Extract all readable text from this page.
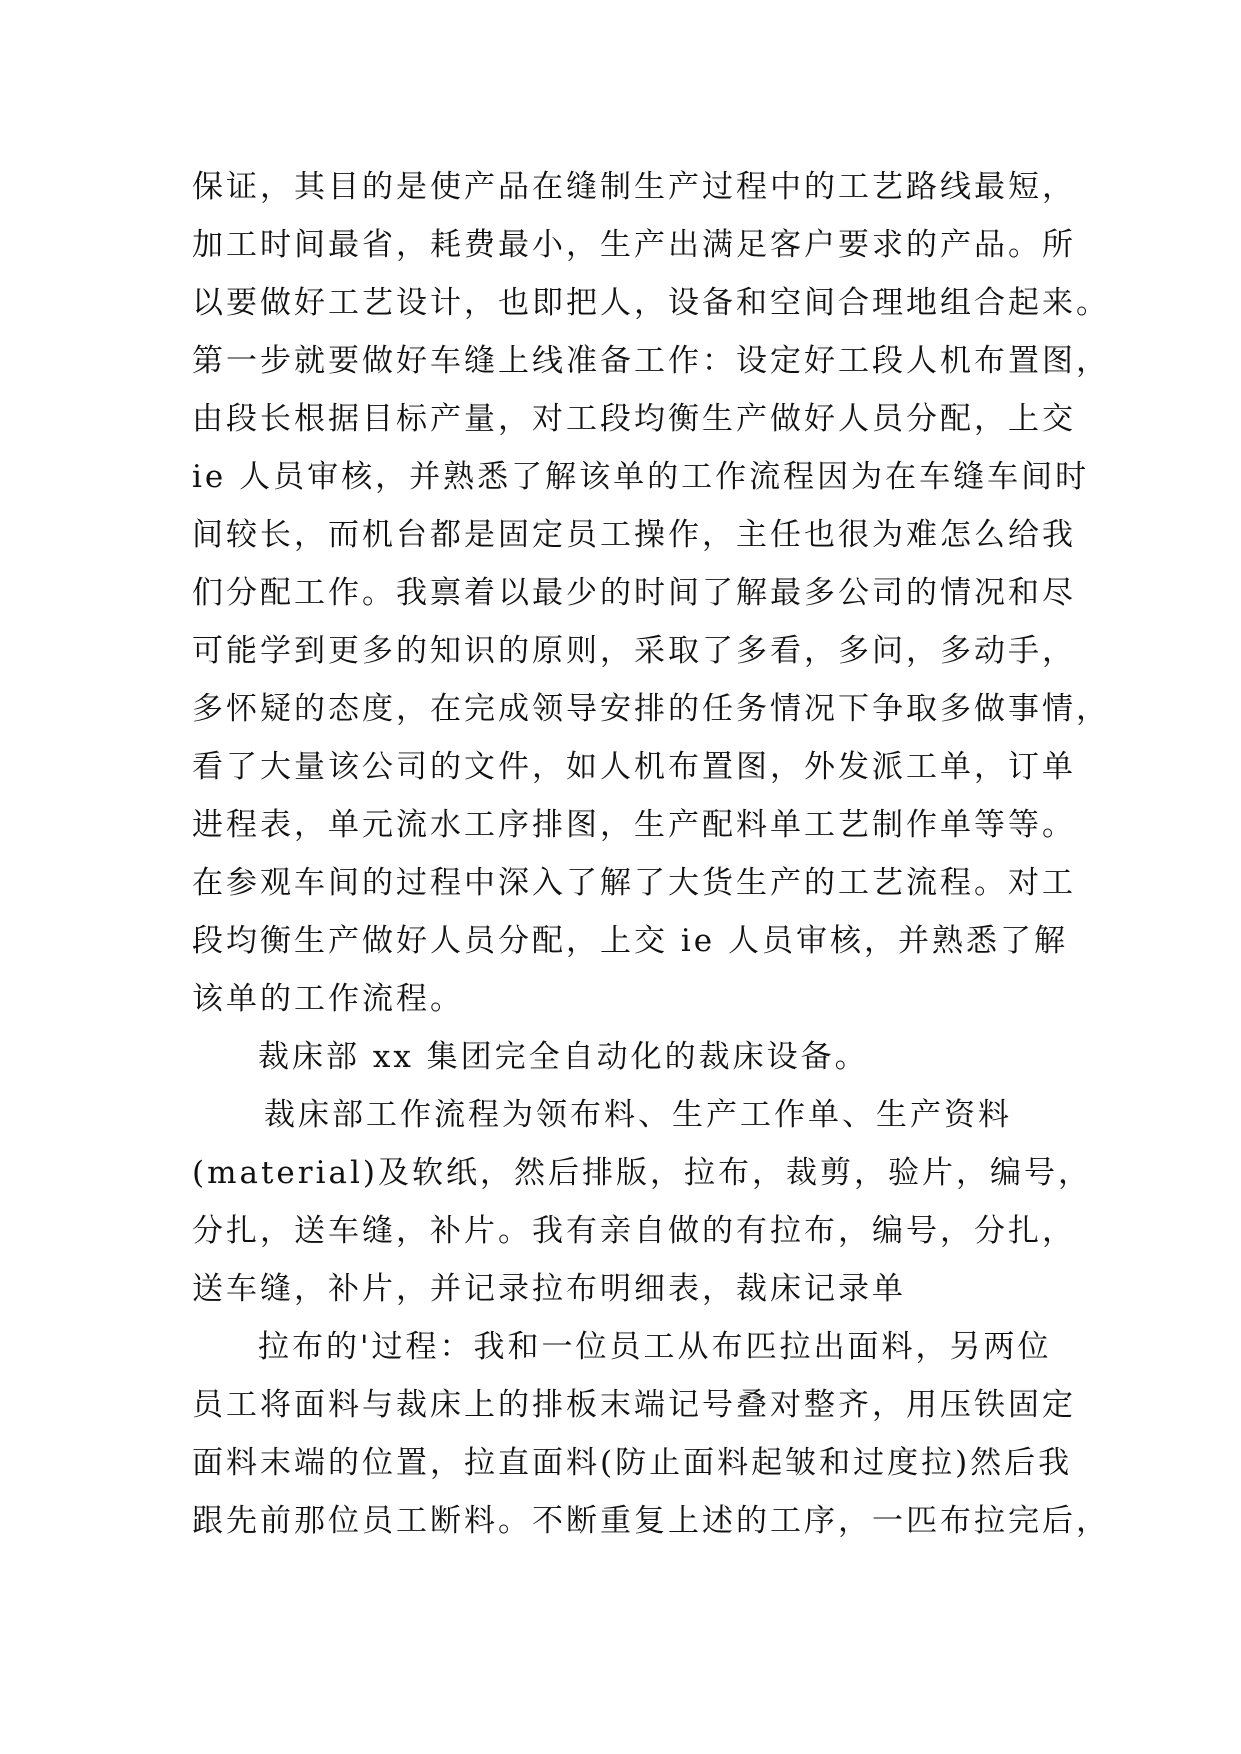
保证，其目的是使产品在缝制生产过程中的工艺路线最短，
加工时间最省，耗费最小，生产出满足客户要求的产品。所
以要做好工艺设计，也即把人，设备和空间合理地组合起来。
第一步就要做好车缝上线准备工作：设定好工段人机布置图，
由段长根据目标产量，对工段均衡生产做好人员分配，上交
ie 人员审核，并熟悉了解该单的工作流程因为在车缝车间时
间较长，而机台都是固定员工操作，主任也很为难怎么给我
们分配工作。我禀着以最少的时间了解最多公司的情况和尽
可能学到更多的知识的原则，采取了多看，多问，多动手，
多怀疑的态度，在完成领导安排的任务情况下争取多做事情，
看了大量该公司的文件，如人机布置图，外发派工单，订单
进程表，单元流水工序排图，生产配料单工艺制作单等等。
在参观车间的过程中深入了解了大货生产的工艺流程。对工
段均衡生产做好人员分配，上交 ie 人员审核，并熟悉了解
该单的工作流程。
裁床部 xx 集团完全自动化的裁床设备。
裁床部工作流程为领布料、生产工作单、生产资料
(material)及软纸，然后排版，拉布，裁剪，验片，编号，
分扎，送车缝，补片。我有亲自做的有拉布，编号，分扎，
送车缝，补片，并记录拉布明细表，裁床记录单
拉布的'过程：我和一位员工从布匹拉出面料，另两位
员工将面料与裁床上的排板末端记号叠对整齐，用压铁固定
面料末端的位置，拉直面料(防止面料起皱和过度拉)然后我
跟先前那位员工断料。不断重复上述的工序，一匹布拉完后，
